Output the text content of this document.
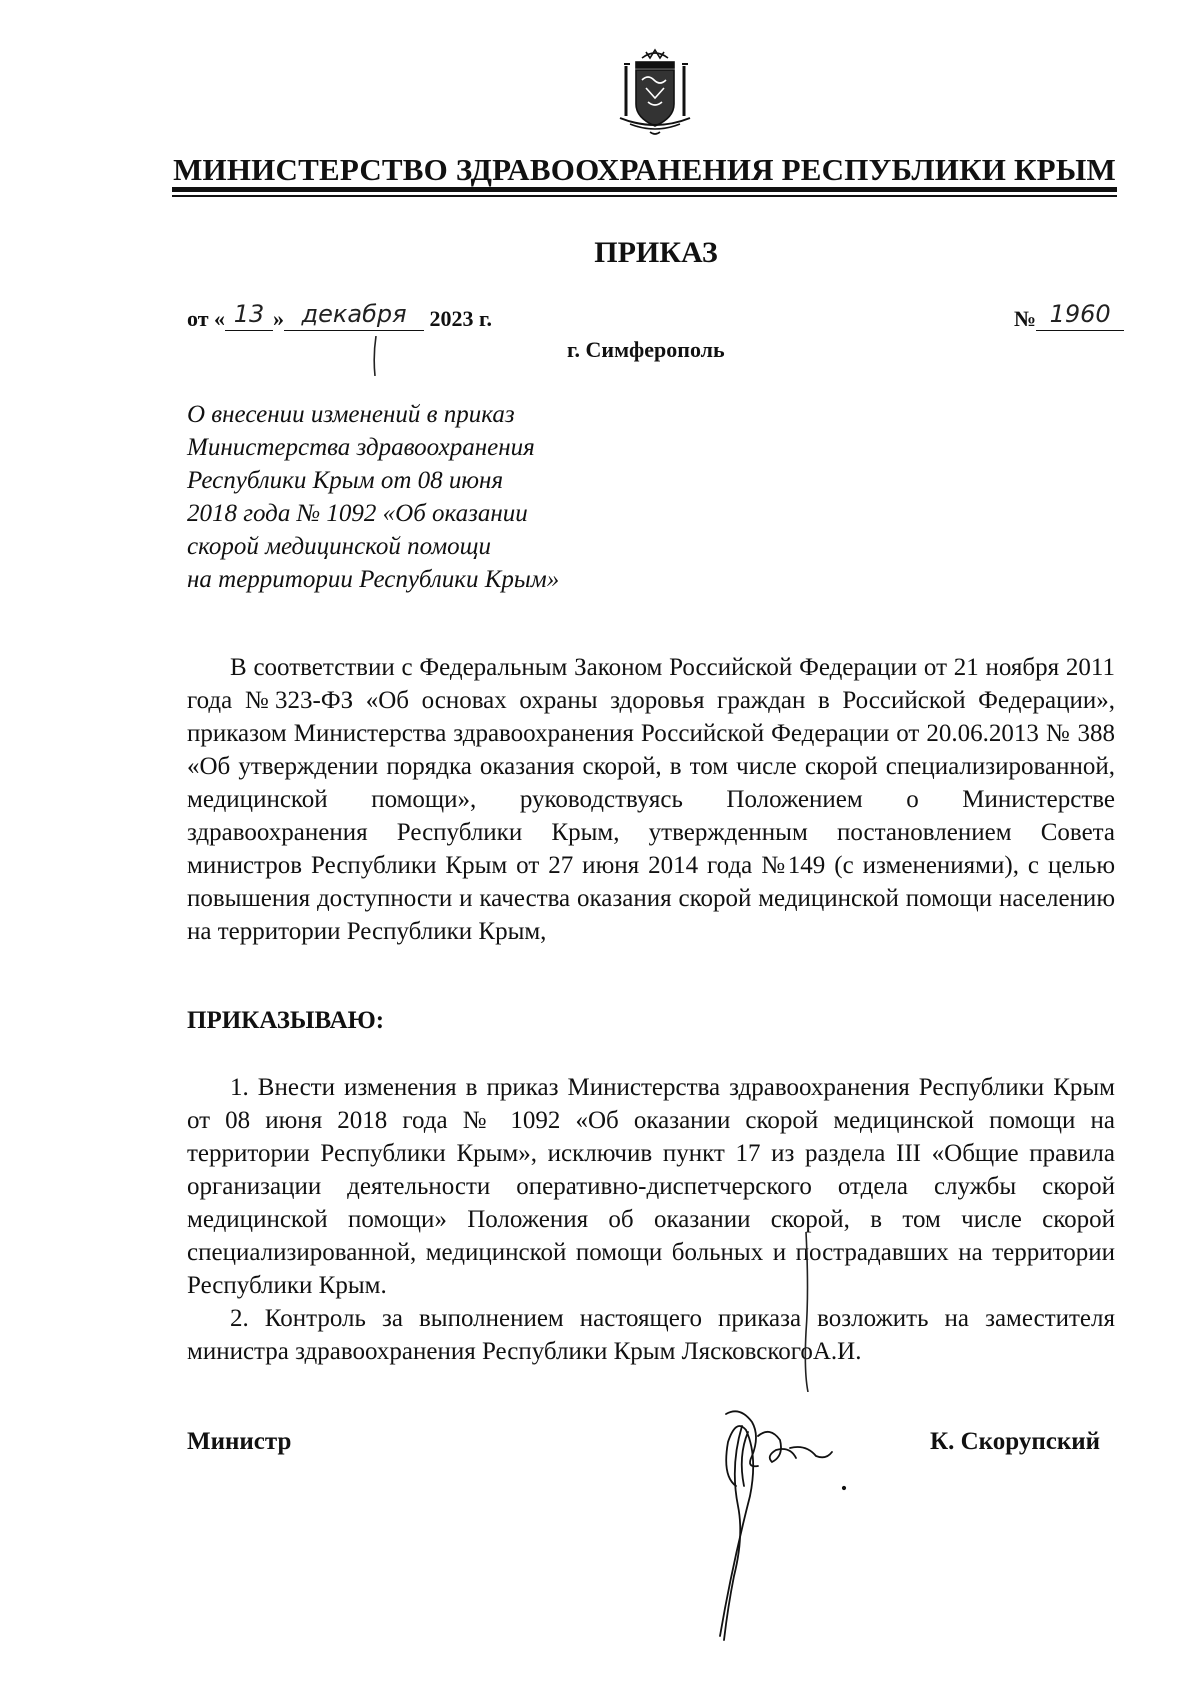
МИНИСТЕРСТВО ЗДРАВООХРАНЕНИЯ РЕСПУБЛИКИ КРЫМ
ПРИКАЗ
от « 13 » декабря 2023 г.	№ 1960
г. Симферополь
О внесении изменений в приказ
Министерства здравоохранения
Республики Крым от 08 июня
2018 года № 1092 «Об оказании
скорой медицинской помощи
на территории Республики Крым»
В соответствии с Федеральным Законом Российской Федерации от 21 ноября 2011 года №323-ФЗ «Об основах охраны здоровья граждан в Российской Федерации», приказом Министерства здравоохранения Российской Федерации от 20.06.2013 № 388 «Об утверждении порядка оказания скорой, в том числе скорой специализированной, медицинской помощи», руководствуясь Положением о Министерстве здравоохранения Республики Крым, утвержденным постановлением Совета министров Республики Крым от 27 июня 2014 года №149 (с изменениями), с целью повышения доступности и качества оказания скорой медицинской помощи населению на территории Республики Крым,
ПРИКАЗЫВАЮ:
1. Внести изменения в приказ Министерства здравоохранения Республики Крым от 08 июня 2018 года № 1092 «Об оказании скорой медицинской помощи на территории Республики Крым», исключив пункт 17 из раздела III «Общие правила организации деятельности оперативно-диспетчерского отдела службы скорой медицинской помощи» Положения об оказании скорой, в том числе скорой специализированной, медицинской помощи больных и пострадавших на территории Республики Крым.
2. Контроль за выполнением настоящего приказа возложить на заместителя министра здравоохранения Республики Крым ЛясковскогоА.И.
Министр	К. Скорупский
